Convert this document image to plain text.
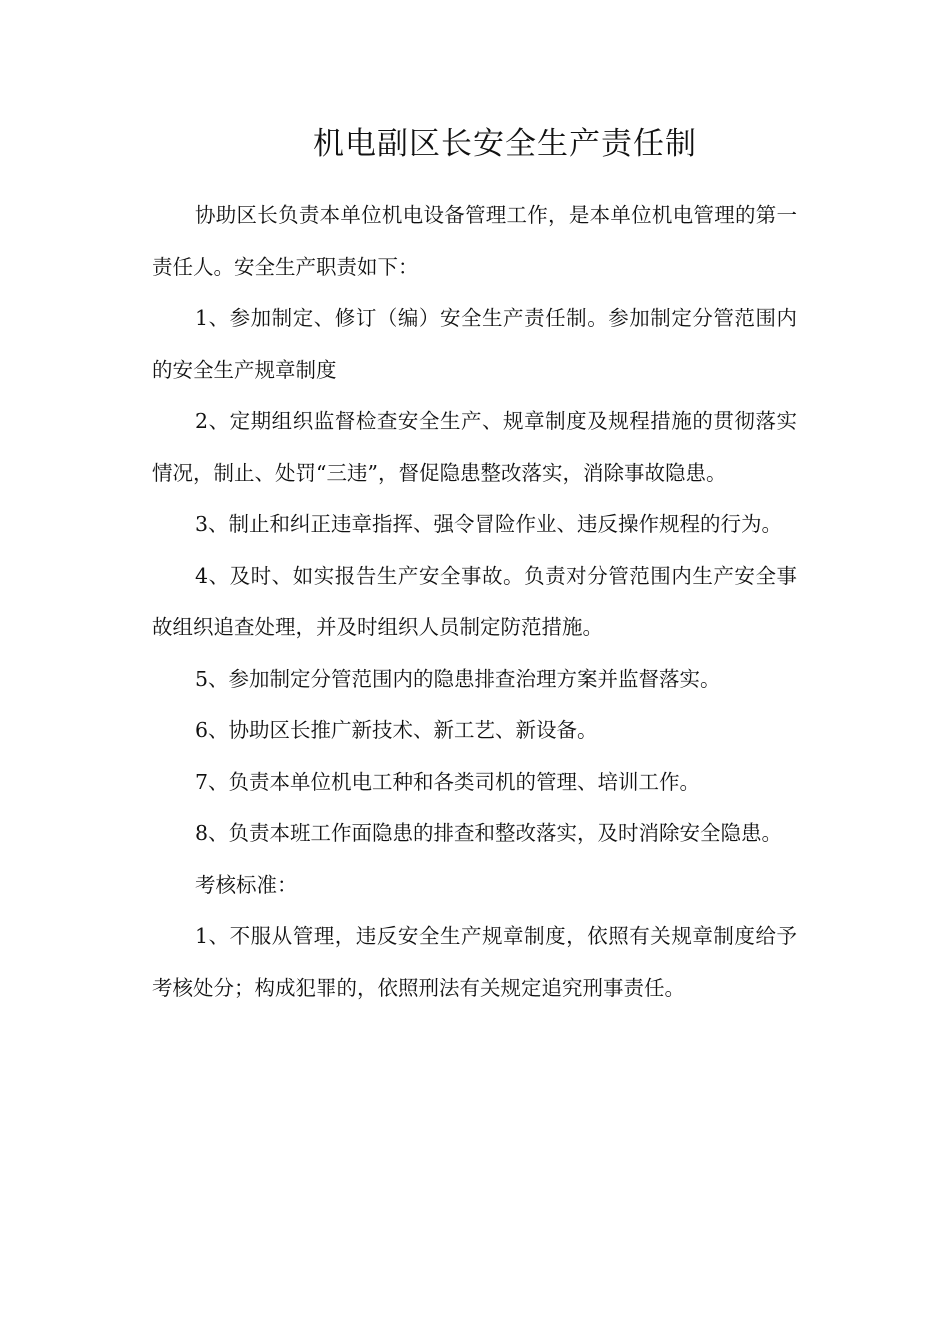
机电副区长安全生产责任制

协助区长负责本单位机电设备管理工作，是本单位机电管理的第一责任人。安全生产职责如下：

1、参加制定、修订（编）安全生产责任制。参加制定分管范围内的安全生产规章制度

2、定期组织监督检查安全生产、规章制度及规程措施的贯彻落实情况，制止、处罚“三违”，督促隐患整改落实，消除事故隐患。

3、制止和纠正违章指挥、强令冒险作业、违反操作规程的行为。

4、及时、如实报告生产安全事故。负责对分管范围内生产安全事故组织追查处理，并及时组织人员制定防范措施。

5、参加制定分管范围内的隐患排查治理方案并监督落实。

6、协助区长推广新技术、新工艺、新设备。

7、负责本单位机电工种和各类司机的管理、培训工作。

8、负责本班工作面隐患的排查和整改落实，及时消除安全隐患。

考核标准：

1、不服从管理，违反安全生产规章制度，依照有关规章制度给予考核处分；构成犯罪的，依照刑法有关规定追究刑事责任。
